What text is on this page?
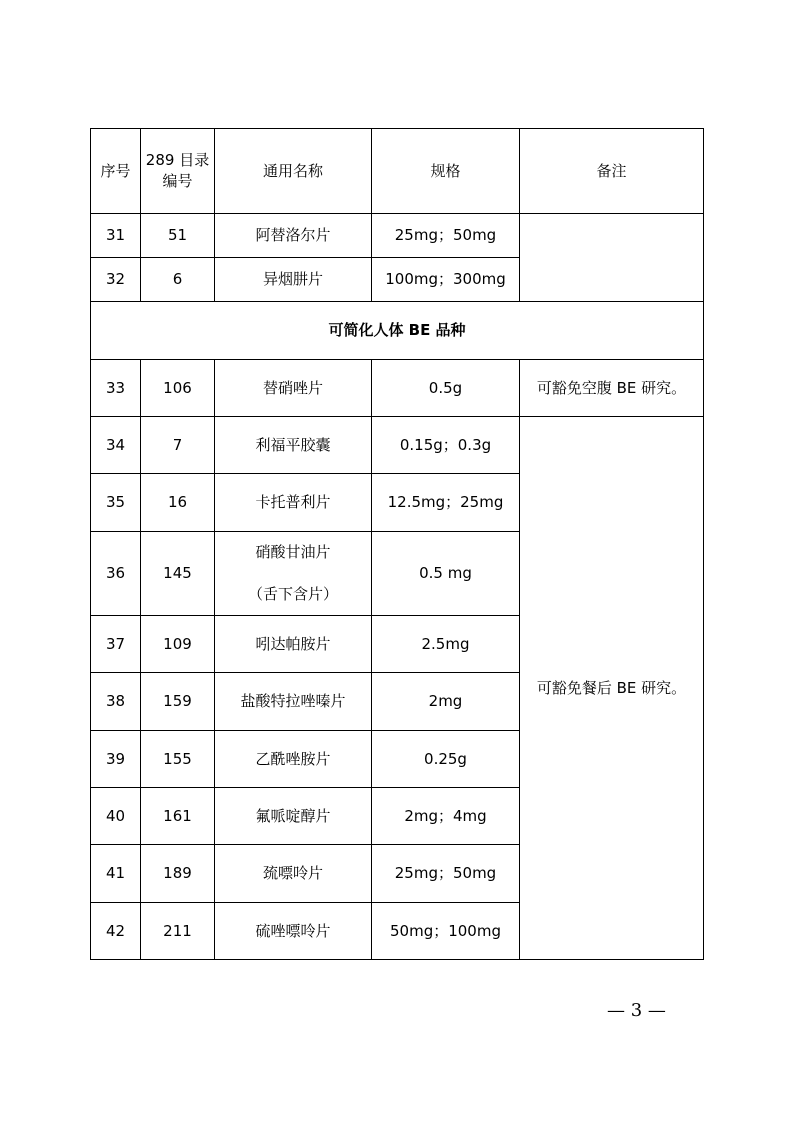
序号	289 目录
编号	通用名称	规格	备注
31	51	阿替洛尔片	25mg；50mg	
32	6	异烟肼片	100mg；300mg	
可简化人体 BE 品种				
33	106	替硝唑片	0.5g	可豁免空腹 BE 研究。
34	7	利福平胶囊	0.15g；0.3g	可豁免餐后 BE 研究。
35	16	卡托普利片	12.5mg；25mg	
36	145	硝酸甘油片
（舌下含片）	0.5 mg	
37	109	吲达帕胺片	2.5mg	
38	159	盐酸特拉唑嗪片	2mg	
39	155	乙酰唑胺片	0.25g	
40	161	氟哌啶醇片	2mg；4mg	
41	189	巯嘌呤片	25mg；50mg	
42	211	硫唑嘌呤片	50mg；100mg	
— 3 —
